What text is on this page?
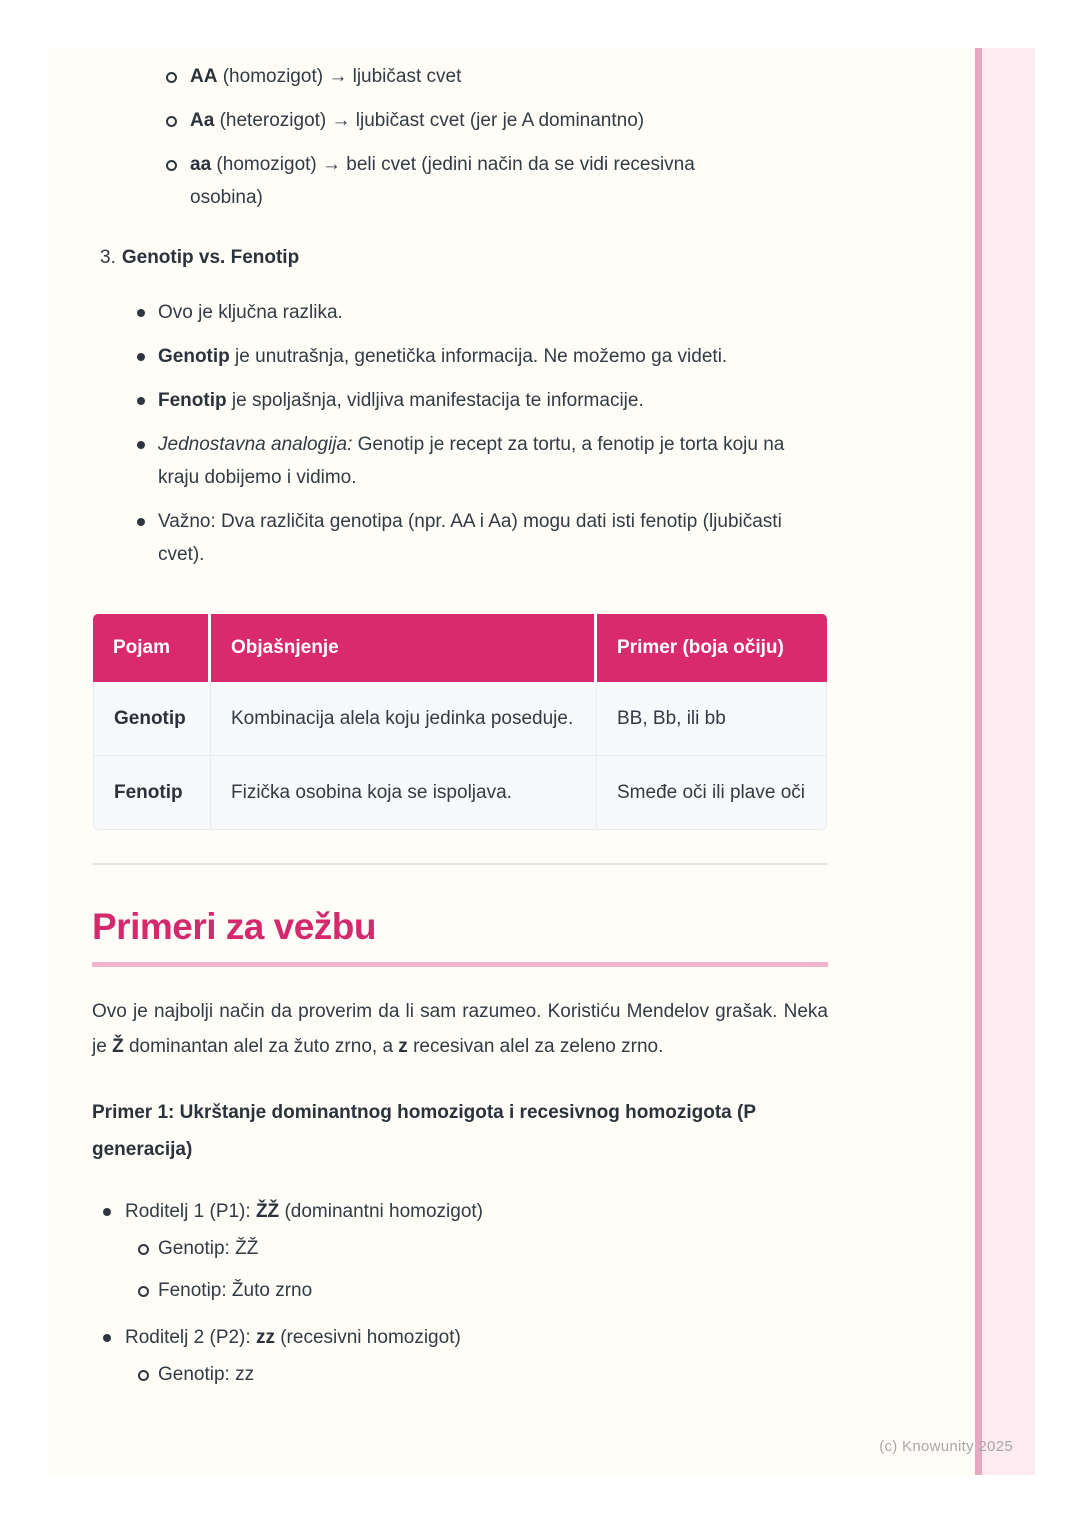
AA (homozigot) → ljubičast cvet
Aa (heterozigot) → ljubičast cvet (jer je A dominantno)
aa (homozigot) → beli cvet (jedini način da se vidi recesivna osobina)
3. Genotip vs. Fenotip
Ovo je ključna razlika.
Genotip je unutrašnja, genetička informacija. Ne možemo ga videti.
Fenotip je spoljašnja, vidljiva manifestacija te informacije.
Jednostavna analogija: Genotip je recept za tortu, a fenotip je torta koju na kraju dobijemo i vidimo.
Važno: Dva različita genotipa (npr. AA i Aa) mogu dati isti fenotip (ljubičasti cvet).
Pojam	Objašnjenje	Primer (boja očiju)
Genotip	Kombinacija alela koju jedinka poseduje.	BB, Bb, ili bb
Fenotip	Fizička osobina koja se ispoljava.	Smeđe oči ili plave oči
Primeri za vežbu

Ovo je najbolji način da proverim da li sam razumeo. Koristiću Mendelov grašak. Neka je Ž dominantan alel za žuto zrno, a z recesivan alel za zeleno zrno.

Primer 1: Ukrštanje dominantnog homozigota i recesivnog homozigota (P generacija)
Roditelj 1 (P1): ŽŽ (dominantni homozigot)
Genotip: ŽŽ
Fenotip: Žuto zrno
Roditelj 2 (P2): zz (recesivni homozigot)
Genotip: zz
(c) Knowunity 2025
